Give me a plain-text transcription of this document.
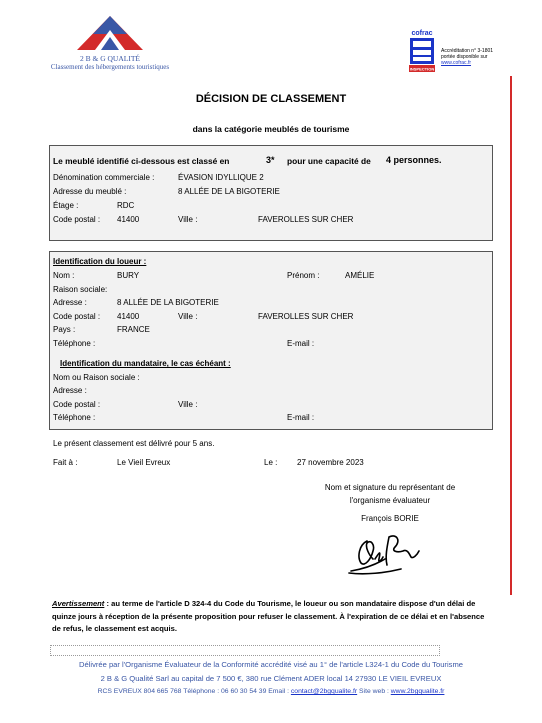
2 B & G QUALITÉ
Classement des hébergements touristiques
cofrac
INSPECTION
Accréditation n° 3-1801
portée disponible sur
www.cofrac.fr
DÉCISION DE CLASSEMENT
dans la catégorie meublés de tourisme
Le meublé identifié ci-dessous est classé en	3* pour une capacité de 4 personnes.
Dénomination commerciale :	ÉVASION IDYLLIQUE 2
Adresse du meublé :	8 ALLÉE DE LA BIGOTERIE
Étage :	RDC
Code postal : 41400	Ville :	FAVEROLLES SUR CHER
Identification du loueur :
Nom :	BURY	Prénom :	AMÉLIE
Raison sociale:
Adresse :	8 ALLÉE DE LA BIGOTERIE
Code postal : 41400	Ville :	FAVEROLLES SUR CHER
Pays :	FRANCE
Téléphone :	E-mail :
Identification du mandataire, le cas échéant :
Nom ou Raison sociale :
Adresse :
Code postal :	Ville :
Téléphone :	E-mail :
Le présent classement est délivré pour 5 ans.
Fait à :	Le Vieil Evreux	Le : 27 novembre 2023
Nom et signature du représentant de
l'organisme évaluateur
François BORIE
Avertissement : au terme de l'article D 324-4 du Code du Tourisme, le loueur ou son mandataire dispose d'un délai de quinze jours à réception de la présente proposition pour refuser le classement. À l'expiration de ce délai et en l'absence de refus, le classement est acquis.
Délivrée par l'Organisme Évaluateur de la Conformité accrédité visé au 1° de l'article L324-1 du Code du Tourisme
2 B & G Qualité Sarl au capital de 7 500 €, 380 rue Clément ADER local 14 27930 LE VIEIL EVREUX
RCS EVREUX 804 665 768 Téléphone : 06 60 30 54 39 Email : contact@2bgqualite.fr Site web : www.2bgqualite.fr
